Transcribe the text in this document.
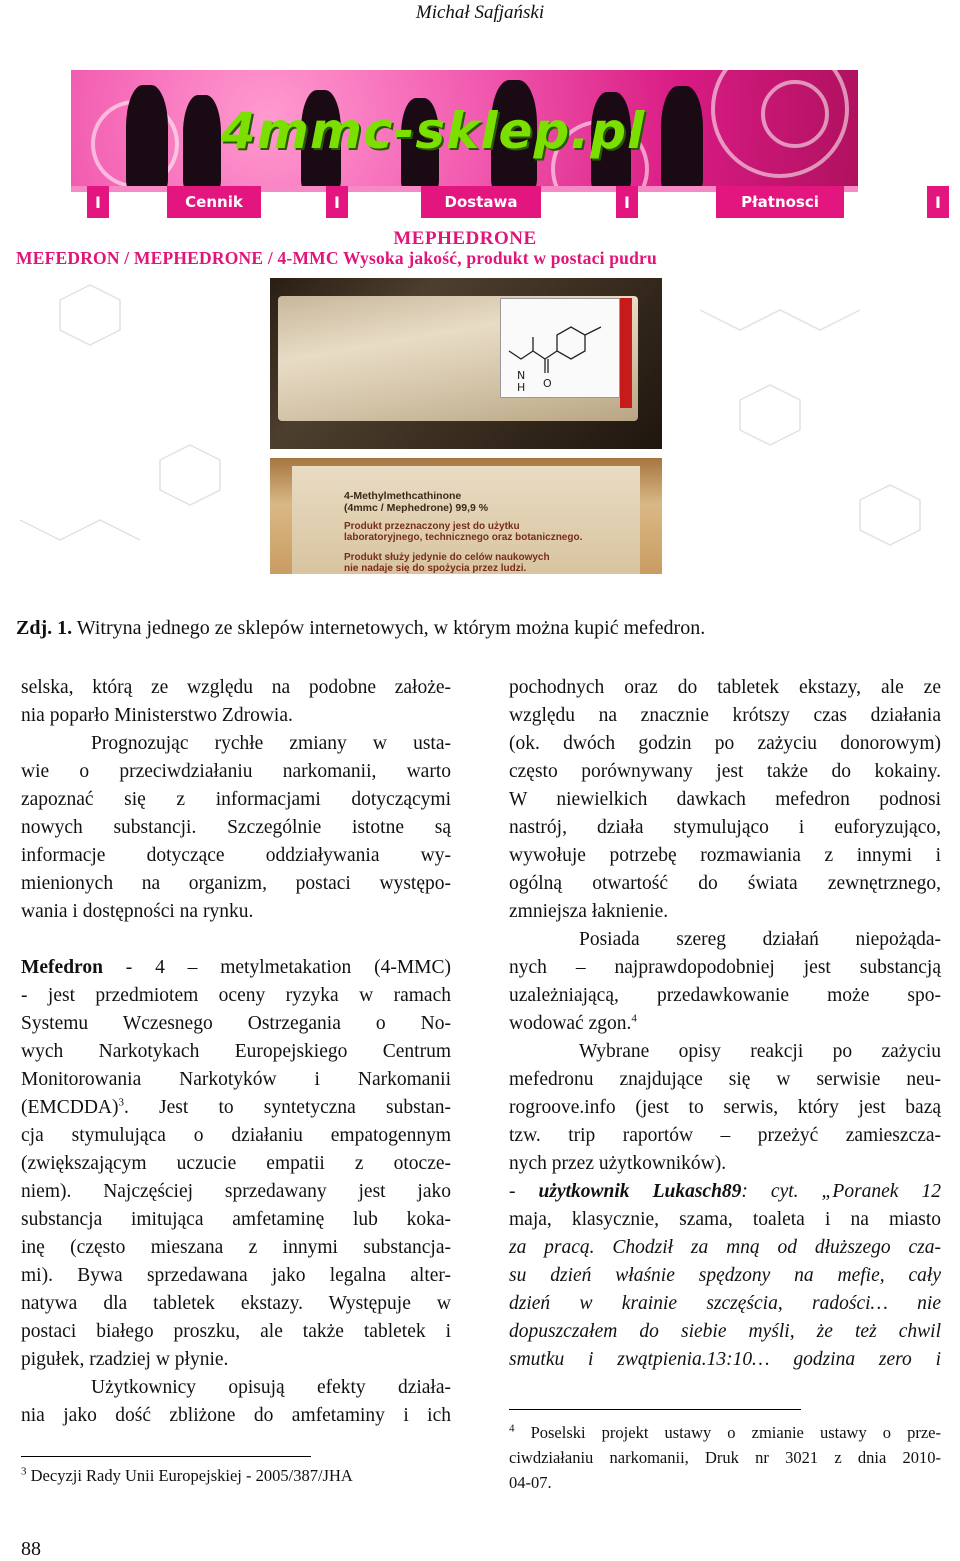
Michał Safjański
4mmc-sklep.pl
I	Cennik	I	Dostawa	I	Płatnosci	I
MEPHEDRONE
MEFEDRON / MEPHEDRONE / 4-MMC Wysoka jakość, produkt w postaci pudru
N
H O
4-Methylmethcathinone
(4mmc / Mephedrone) 99,9 %
Produkt przeznaczony jest do użytku
laboratoryjnego, technicznego oraz botanicznego.
Produkt służy jedynie do celów naukowych
nie nadaje się do spożycia przez ludzi.
Zdj. 1. Witryna jednego ze sklepów internetowych, w którym można kupić mefedron.
selska, którą ze względu na podobne założe-
nia poparło Ministerstwo Zdrowia.
Prognozując rychłe zmiany w usta-
wie o przeciwdziałaniu narkomanii, warto
zapoznać się z informacjami dotyczącymi
nowych substancji. Szczególnie istotne są
informacje dotyczące oddziaływania wy-
mienionych na organizm, postaci występo-
wania i dostępności na rynku.
Mefedron - 4 – metylmetakation (4-MMC)
- jest przedmiotem oceny ryzyka w ramach
Systemu Wczesnego Ostrzegania o No-
wych Narkotykach Europejskiego Centrum
Monitorowania Narkotyków i Narkomanii
(EMCDDA)$^3$. Jest to syntetyczna substan-
cja stymulująca o działaniu empatogennym
(zwiększającym uczucie empatii z otocze-
niem). Najczęściej sprzedawany jest jako
substancja imitująca amfetaminę lub koka-
inę (często mieszana z innymi substancja-
mi). Bywa sprzedawana jako legalna alter-
natywa dla tabletek ekstazy. Występuje w
postaci białego proszku, ale także tabletek i
pigułek, rzadziej w płynie.
Użytkownicy opisują efekty działa-
nia jako dość zbliżone do amfetaminy i ich
pochodnych oraz do tabletek ekstazy, ale ze
względu na znacznie krótszy czas działania
(ok. dwóch godzin po zażyciu donorowym)
często porównywany jest także do kokainy.
W niewielkich dawkach mefedron podnosi
nastrój, działa stymulująco i euforyzująco,
wywołuje potrzebę rozmawiania z innymi i
ogólną otwartość do świata zewnętrznego,
zmniejsza łaknienie.
Posiada szereg działań niepożąda-
nych – najprawdopodobniej jest substancją
uzależniającą, przedawkowanie może spo-
wodować zgon.$^4$
Wybrane opisy reakcji po zażyciu
mefedronu znajdujące się w serwisie neu-
rogroove.info (jest to serwis, który jest bazą
tzw. trip raportów – przeżyć zamieszcza-
nych przez użytkowników).
- użytkownik Lukasch89: cyt. „Poranek 12
maja, klasycznie, szama, toaleta i na miasto
za pracą. Chodził za mną od dłuższego cza-
su dzień właśnie spędzony na mefie, cały
dzień w krainie szczęścia, radości… nie
dopuszczałem do siebie myśli, że też chwil
smutku i zwątpienia.13:10… godzina zero i
$^3$ Decyzji Rady Unii Europejskiej - 2005/387/JHA
$^4$ Poselski projekt ustawy o zmianie ustawy o prze-
ciwdziałaniu narkomanii, Druk nr 3021 z dnia 2010-
04-07.
88
